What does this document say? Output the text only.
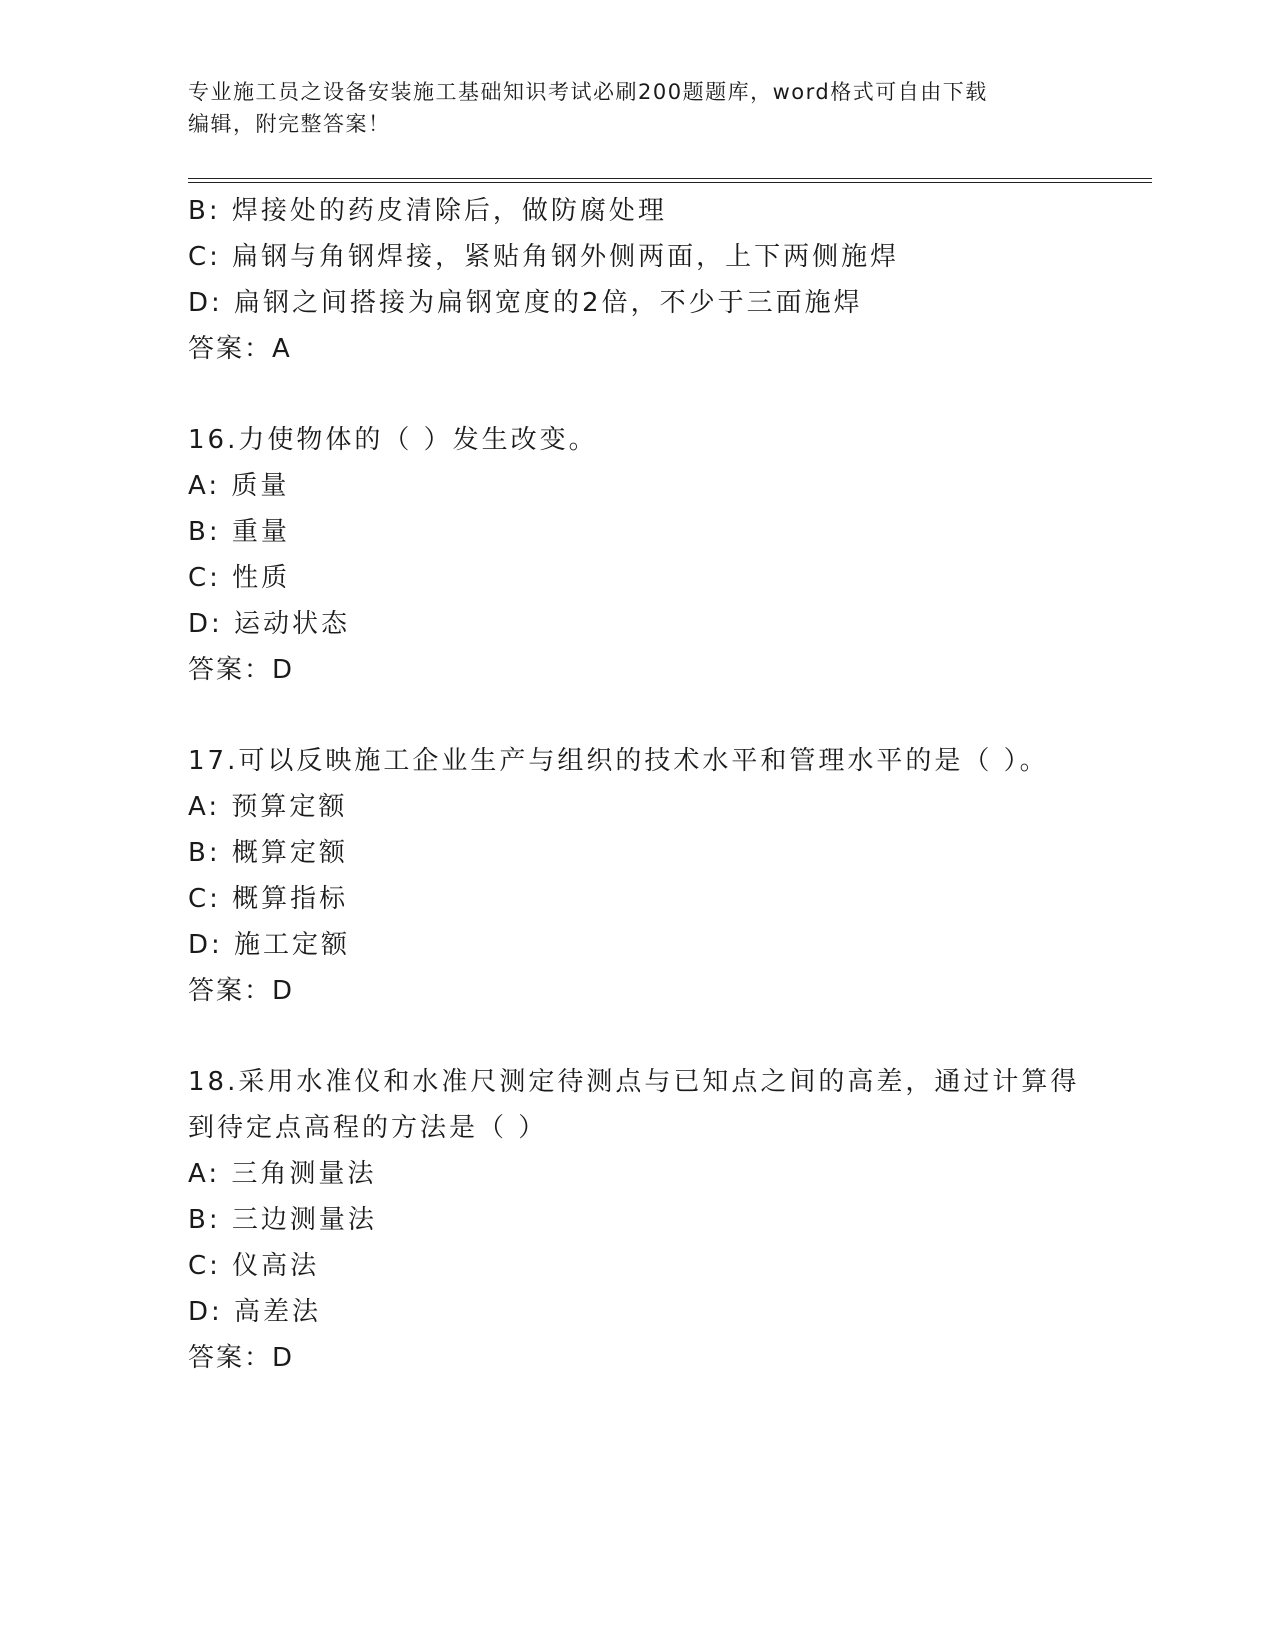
专业施工员之设备安装施工基础知识考试必刷200题题库，word格式可自由下载
编辑，附完整答案！
B: 焊接处的药皮清除后，做防腐处理
C: 扁钢与角钢焊接，紧贴角钢外侧两面，上下两侧施焊
D: 扁钢之间搭接为扁钢宽度的2倍，不少于三面施焊
答案：A
16.力使物体的（ ）发生改变。
A: 质量
B: 重量
C: 性质
D: 运动状态
答案：D
17.可以反映施工企业生产与组织的技术水平和管理水平的是（ ）。
A: 预算定额
B: 概算定额
C: 概算指标
D: 施工定额
答案：D
18.采用水准仪和水准尺测定待测点与已知点之间的高差，通过计算得
到待定点高程的方法是（ ）
A: 三角测量法
B: 三边测量法
C: 仪高法
D: 高差法
答案：D
